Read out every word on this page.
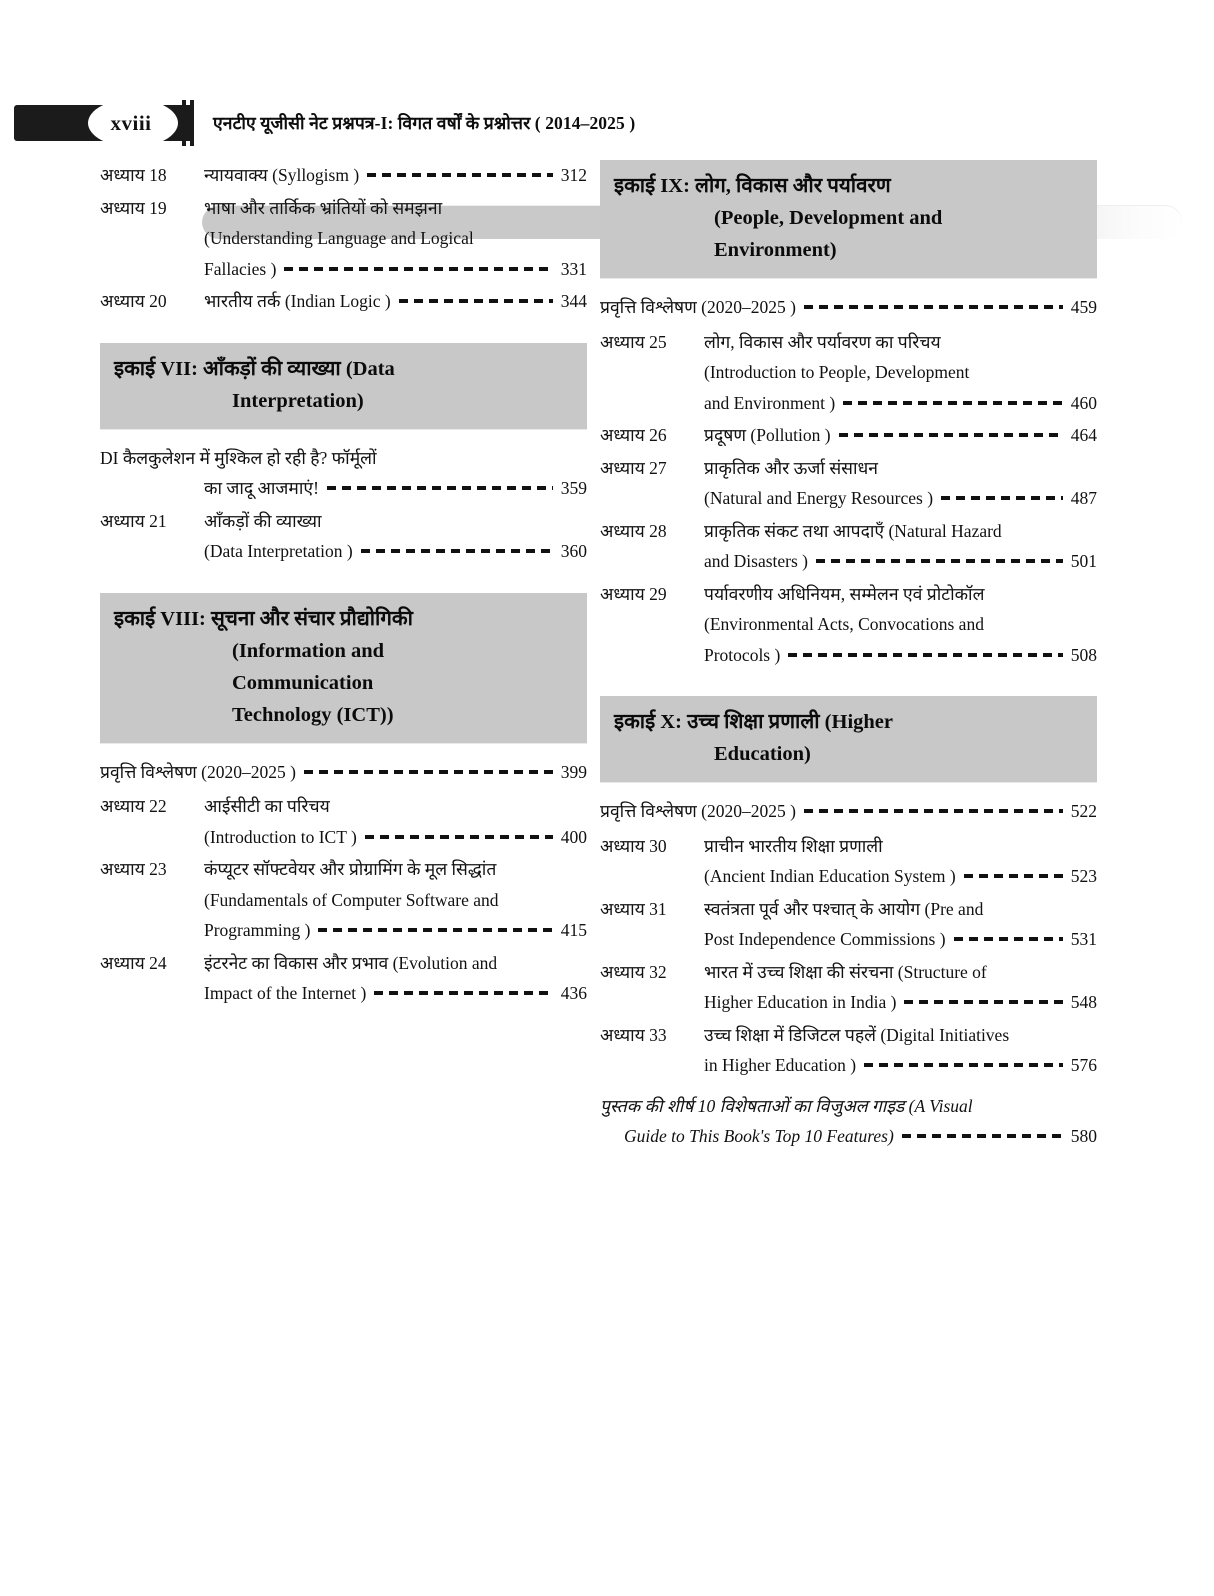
xviii	एनटीए यूजीसी नेट प्रश्नपत्र-I: विगत वर्षों के प्रश्नोत्तर ( 2014–2025 )
अध्याय 18	न्यायवाक्य (Syllogism )	312
अध्याय 19	भाषा और तार्किक भ्रांतियों को समझना
(Understanding Language and Logical
Fallacies )	331
अध्याय 20	भारतीय तर्क (Indian Logic )	344
इकाई VII: आँकड़ों की व्याख्या (Data
Interpretation)
DI कैलकुलेशन में मुश्किल हो रही है? फॉर्मूलों
का जादू आजमाएं!	359
अध्याय 21	आँकड़ों की व्याख्या
(Data Interpretation )	360
इकाई VIII: सूचना और संचार प्रौद्योगिकी
(Information and
Communication
Technology (ICT))
प्रवृत्ति विश्लेषण (2020–2025 )	399
अध्याय 22	आईसीटी का परिचय
(Introduction to ICT )	400
अध्याय 23	कंप्यूटर सॉफ्टवेयर और प्रोग्रामिंग के मूल सिद्धांत
(Fundamentals of Computer Software and
Programming )	415
अध्याय 24	इंटरनेट का विकास और प्रभाव (Evolution and
Impact of the Internet )	436
इकाई IX: लोग, विकास और पर्यावरण
(People, Development and
Environment)
प्रवृत्ति विश्लेषण (2020–2025 )	459
अध्याय 25	लोग, विकास और पर्यावरण का परिचय
(Introduction to People, Development
and Environment )	460
अध्याय 26	प्रदूषण (Pollution )	464
अध्याय 27	प्राकृतिक और ऊर्जा संसाधन
(Natural and Energy Resources )	487
अध्याय 28	प्राकृतिक संकट तथा आपदाएँ (Natural Hazard
and Disasters )	501
अध्याय 29	पर्यावरणीय अधिनियम, सम्मेलन एवं प्रोटोकॉल
(Environmental Acts, Convocations and
Protocols )	508
इकाई X: उच्च शिक्षा प्रणाली (Higher
Education)
प्रवृत्ति विश्लेषण (2020–2025 )	522
अध्याय 30	प्राचीन भारतीय शिक्षा प्रणाली
(Ancient Indian Education System )	523
अध्याय 31	स्वतंत्रता पूर्व और पश्चात् के आयोग (Pre and
Post Independence Commissions )	531
अध्याय 32	भारत में उच्च शिक्षा की संरचना (Structure of
Higher Education in India )	548
अध्याय 33	उच्च शिक्षा में डिजिटल पहलें (Digital Initiatives
in Higher Education )	576
पुस्तक की शीर्ष 10 विशेषताओं का विजुअल गाइड (A Visual
Guide to This Book's Top 10 Features)	580
